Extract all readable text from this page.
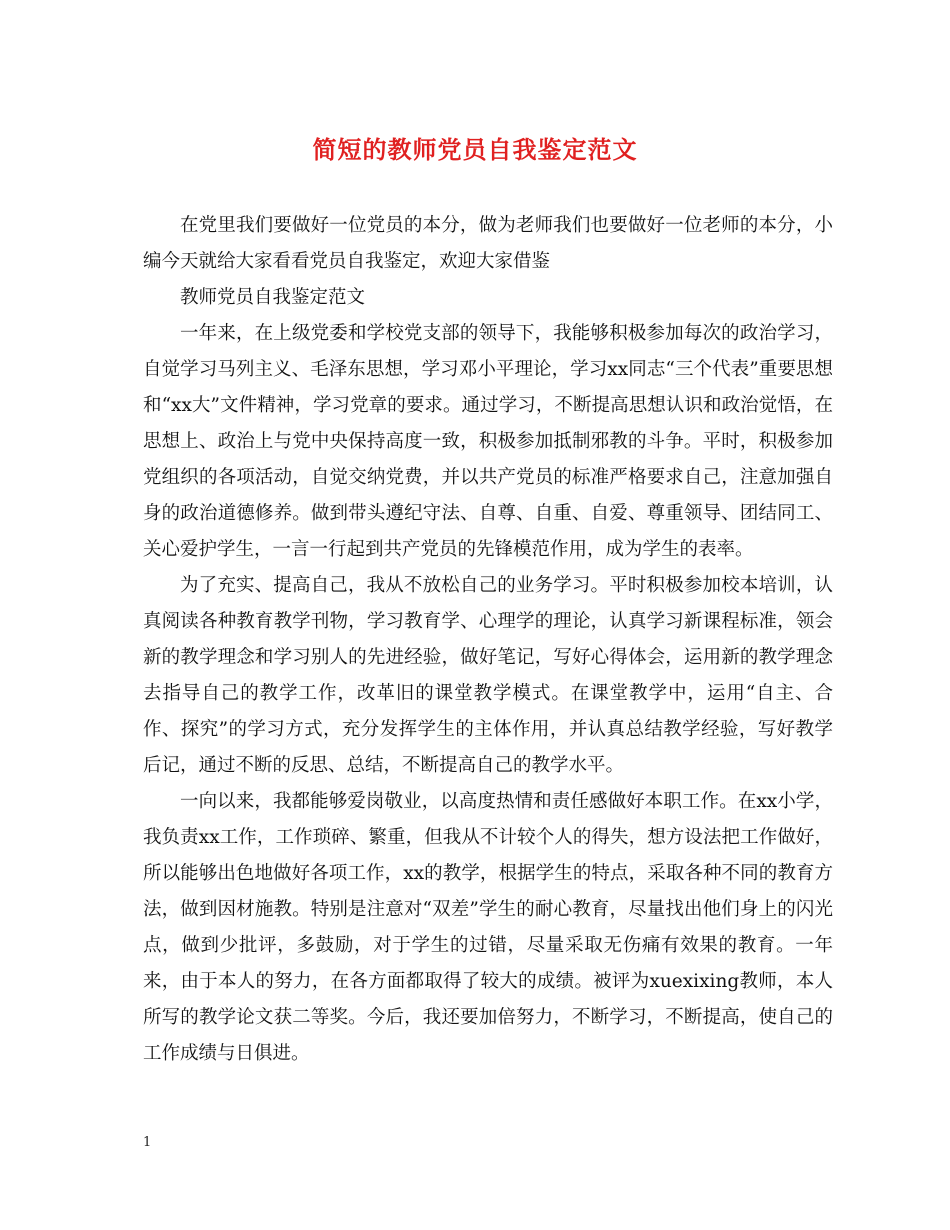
简短的教师党员自我鉴定范文

在党里我们要做好一位党员的本分，做为老师我们也要做好一位老师的本分，小编今天就给大家看看党员自我鉴定，欢迎大家借鉴

教师党员自我鉴定范文

一年来，在上级党委和学校党支部的领导下，我能够积极参加每次的政治学习，自觉学习马列主义、毛泽东思想，学习邓小平理论，学习xx同志“三个代表”重要思想和“xx大”文件精神，学习党章的要求。通过学习，不断提高思想认识和政治觉悟，在思想上、政治上与党中央保持高度一致，积极参加抵制邪教的斗争。平时，积极参加党组织的各项活动，自觉交纳党费，并以共产党员的标准严格要求自己，注意加强自身的政治道德修养。做到带头遵纪守法、自尊、自重、自爱、尊重领导、团结同工、关心爱护学生，一言一行起到共产党员的先锋模范作用，成为学生的表率。

为了充实、提高自己，我从不放松自己的业务学习。平时积极参加校本培训，认真阅读各种教育教学刊物，学习教育学、心理学的理论，认真学习新课程标准，领会新的教学理念和学习别人的先进经验，做好笔记，写好心得体会，运用新的教学理念去指导自己的教学工作，改革旧的课堂教学模式。在课堂教学中，运用“自主、合作、探究”的学习方式，充分发挥学生的主体作用，并认真总结教学经验，写好教学后记，通过不断的反思、总结，不断提高自己的教学水平。

一向以来，我都能够爱岗敬业，以高度热情和责任感做好本职工作。在xx小学，我负责xx工作，工作琐碎、繁重，但我从不计较个人的得失，想方设法把工作做好，所以能够出色地做好各项工作，xx的教学，根据学生的特点，采取各种不同的教育方法，做到因材施教。特别是注意对“双差”学生的耐心教育，尽量找出他们身上的闪光点，做到少批评，多鼓励，对于学生的过错，尽量采取无伤痛有效果的教育。一年来，由于本人的努力，在各方面都取得了较大的成绩。被评为xuexixing教师，本人所写的教学论文获二等奖。今后，我还要加倍努力，不断学习，不断提高，使自己的工作成绩与日俱进。

1
